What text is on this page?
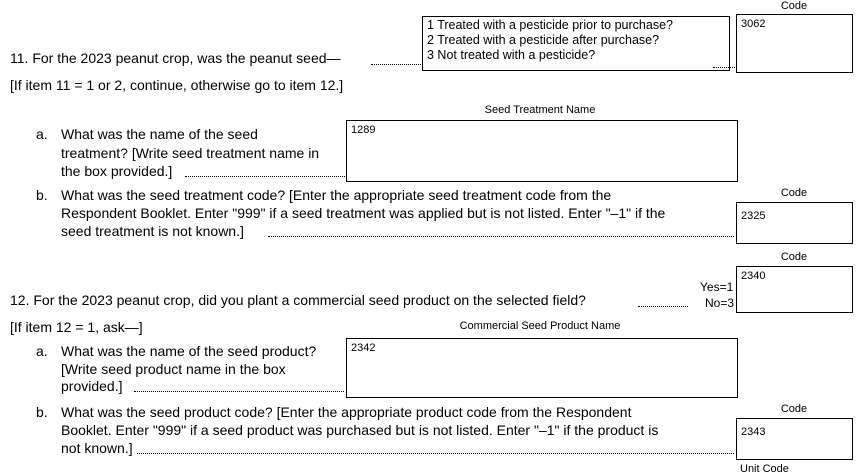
Code
11. For the 2023 peanut crop, was the peanut seed—
1 Treated with a pesticide prior to purchase?
2 Treated with a pesticide after purchase?
3 Not treated with a pesticide?
3062
[If item 11 = 1 or 2, continue, otherwise go to item 12.]
Seed Treatment Name
a. What was the name of the seed
treatment? [Write seed treatment name in
the box provided.]
1289
Code
b. What was the seed treatment code? [Enter the appropriate seed treatment code from the
Respondent Booklet. Enter "999" if a seed treatment was applied but is not listed. Enter "–1" if the
seed treatment is not known.]
2325
Code
Yes=1
No=3
2340
12. For the 2023 peanut crop, did you plant a commercial seed product on the selected field?
[If item 12 = 1, ask—]	Commercial Seed Product Name
a. What was the name of the seed product?
[Write seed product name in the box
provided.]
2342
Code
b. What was the seed product code? [Enter the appropriate product code from the Respondent
Booklet. Enter "999" if a seed product was purchased but is not listed. Enter "–1" if the product is
not known.]
2343
Unit Code
